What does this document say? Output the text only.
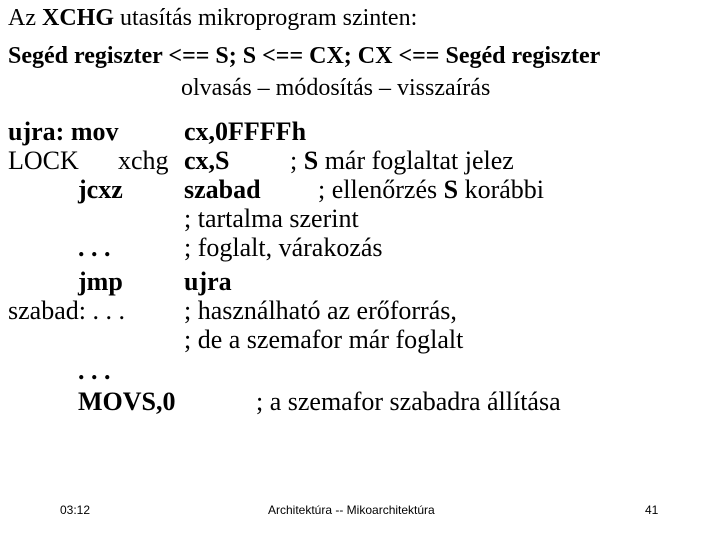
Az XCHG utasítás mikroprogram szinten:
Segéd regiszter <== S; S <== CX; CX <== Segéd regiszter
olvasás – módosítás – visszaírás
ujra: mov	cx,0FFFFh
LOCK xchg cx,S ; S már foglaltat jelez
jcxz szabad ; ellenőrzés S korábbi
; tartalma szerint
. . .	; foglalt, várakozás
jmp ujra
szabad: . . . ; használható az erőforrás,
; de a szemafor már foglalt
. . .
MOVS,0	; a szemafor szabadra állítása
03:12	Architektúra -- Mikoarchitektúra	41
